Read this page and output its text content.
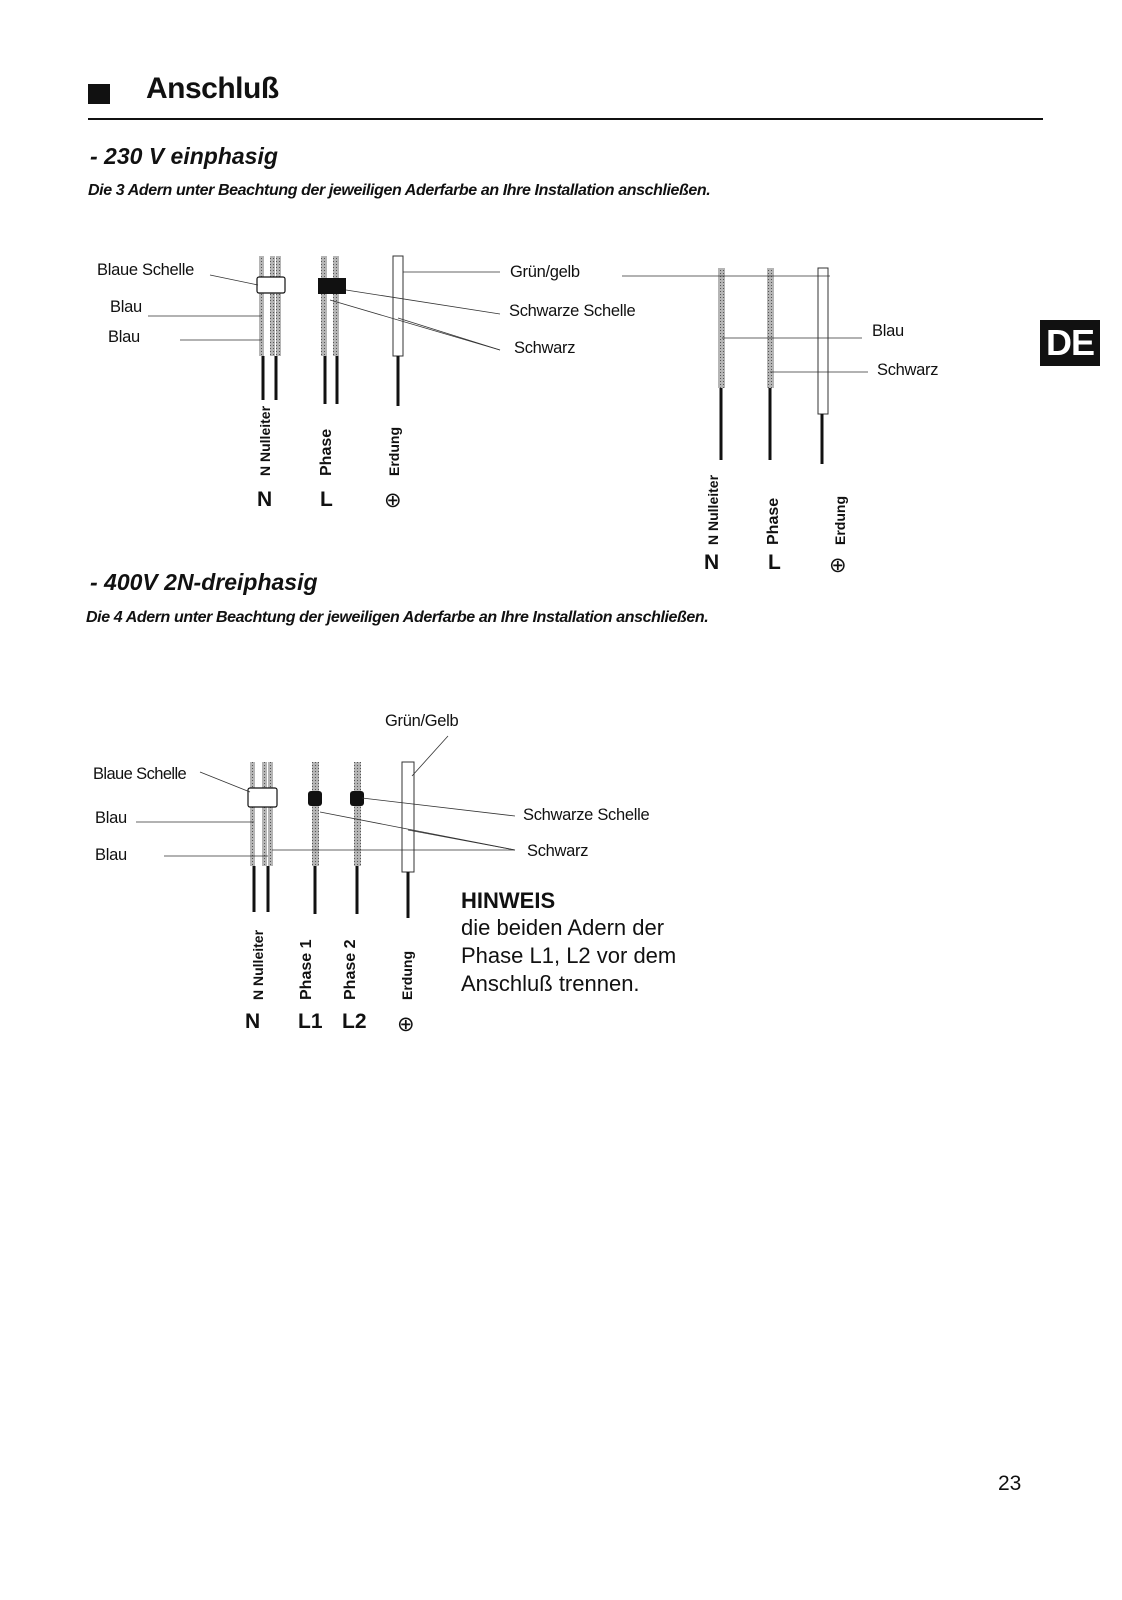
Anschluß
DE
- 230 V einphasig
Die 3 Adern unter Beachtung der jeweiligen Aderfarbe an Ihre Installation anschließen.
Blaue Schelle
Blau
Blau
Grün/gelb
Schwarze Schelle
Schwarz
N Nulleiter	Phase	Erdung
N L ⊕
Blau
Schwarz
N Nulleiter	Phase	Erdung
N L ⊕
- 400V 2N-dreiphasig
Die 4 Adern unter Beachtung der jeweiligen Aderfarbe an Ihre Installation anschließen.
Grün/Gelb
Blaue Schelle
Blau
Blau
Schwarze Schelle
Schwarz
N Nulleiter Phase 1 Phase 2	Erdung
N L1 L2 ⊕
HINWEIS
die beiden Adern der Phase L1, L2 vor dem Anschluß trennen.
23
